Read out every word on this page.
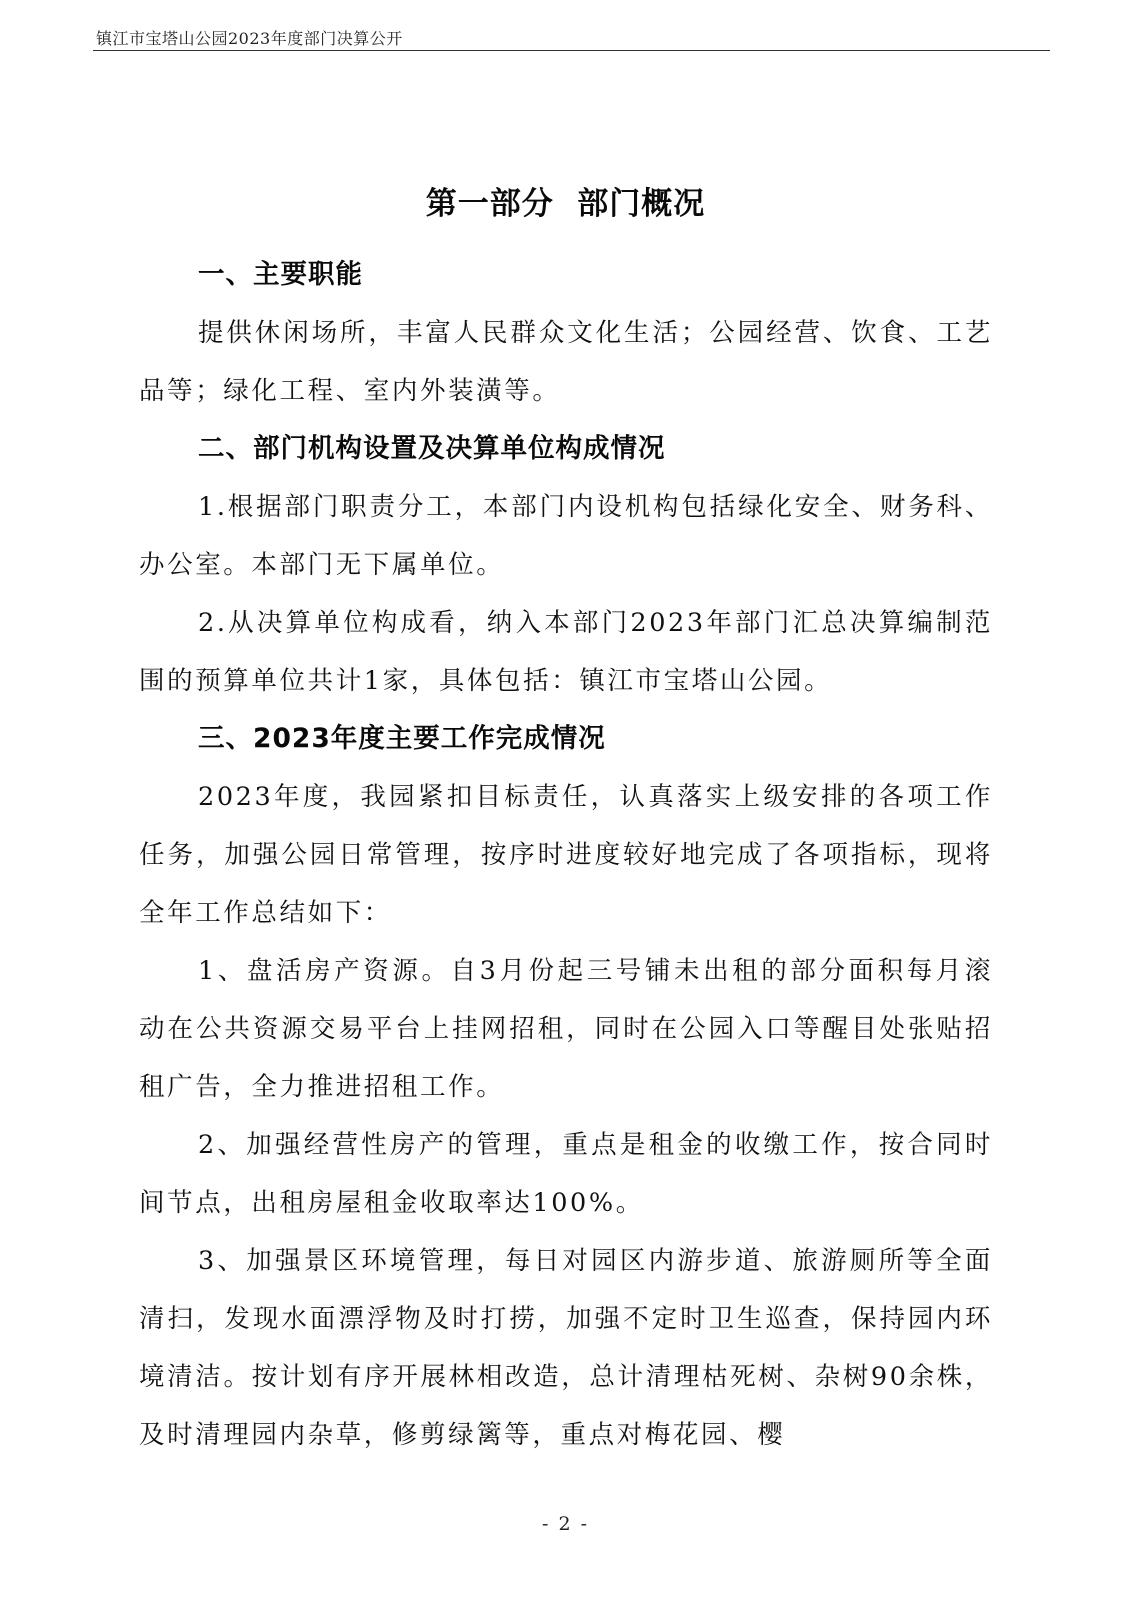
镇江市宝塔山公园2023年度部门决算公开
第一部分  部门概况
一、主要职能

提供休闲场所，丰富人民群众文化生活；公园经营、饮食、工艺品等；绿化工程、室内外装潢等。

二、部门机构设置及决算单位构成情况

1.根据部门职责分工，本部门内设机构包括绿化安全、财务科、办公室。本部门无下属单位。

2.从决算单位构成看，纳入本部门2023年部门汇总决算编制范围的预算单位共计1家，具体包括：镇江市宝塔山公园。

三、2023年度主要工作完成情况

2023年度，我园紧扣目标责任，认真落实上级安排的各项工作任务，加强公园日常管理，按序时进度较好地完成了各项指标，现将全年工作总结如下：

1、盘活房产资源。自3月份起三号铺未出租的部分面积每月滚动在公共资源交易平台上挂网招租，同时在公园入口等醒目处张贴招租广告，全力推进招租工作。

2、加强经营性房产的管理，重点是租金的收缴工作，按合同时间节点，出租房屋租金收取率达100%。

3、加强景区环境管理，每日对园区内游步道、旅游厕所等全面清扫，发现水面漂浮物及时打捞，加强不定时卫生巡查，保持园内环境清洁。按计划有序开展林相改造，总计清理枯死树、杂树90余株，及时清理园内杂草，修剪绿篱等，重点对梅花园、樱

- 2 -
